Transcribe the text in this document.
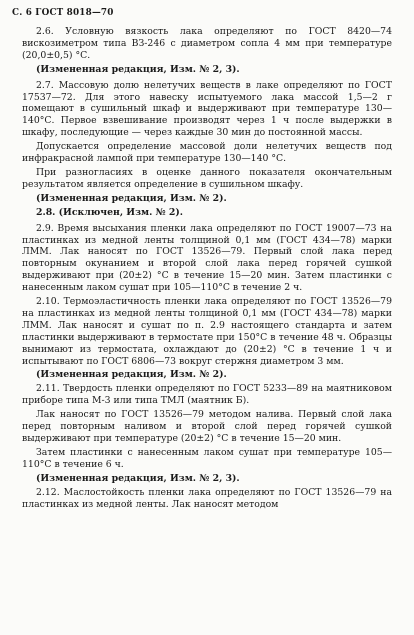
С. 6 ГОСТ 8018—70

2.6. Условную вязкость лака определяют по ГОСТ 8420—74 вискозиметром типа ВЗ-246 с диаметром сопла 4 мм при температуре (20,0±0,5) °С.

(Измененная редакция, Изм. № 2, 3).

2.7. Массовую долю нелетучих веществ в лаке определяют по ГОСТ 17537—72. Для этого навеску испытуемого лака массой 1,5—2 г помещают в сушильный шкаф и выдерживают при температуре 130—140°С. Первое взвешивание производят через 1 ч после выдержки в шкафу, последующие — через каждые 30 мин до постоянной массы.

Допускается определение массовой доли нелетучих веществ под инфракрасной лампой при температуре 130—140 °С.

При разногласиях в оценке данного показателя окончательным результатом является определение в сушильном шкафу.

(Измененная редакция, Изм. № 2).

2.8. (Исключен, Изм. № 2).

2.9. Время высыхания пленки лака определяют по ГОСТ 19007—73 на пластинках из медной ленты толщиной 0,1 мм (ГОСТ 434—78) марки ЛММ. Лак наносят по ГОСТ 13526—79. Первый слой лака перед повторным окунанием и второй слой лака перед горячей сушкой выдерживают при (20±2) °С в течение 15—20 мин. Затем пластинки с нанесенным лаком сушат при 105—110°С в течение 2 ч.

2.10. Термоэластичность пленки лака определяют по ГОСТ 13526—79 на пластинках из медной ленты толщиной 0,1 мм (ГОСТ 434—78) марки ЛММ. Лак наносят и сушат по п. 2.9 настоящего стандарта и затем пластинки выдерживают в термостате при 150°С в течение 48 ч. Образцы вынимают из термостата, охлаждают до (20±2) °С в течение 1 ч и испытывают по ГОСТ 6806—73 вокруг стержня диаметром 3 мм.

(Измененная редакция, Изм. № 2).

2.11. Твердость пленки определяют по ГОСТ 5233—89 на маятниковом приборе типа М-3 или типа ТМЛ (маятник Б).

Лак наносят по ГОСТ 13526—79 методом налива. Первый слой лака перед повторным наливом и второй слой перед горячей сушкой выдерживают при температуре (20±2) °С в течение 15—20 мин.

Затем пластинки с нанесенным лаком сушат при температуре 105—110°С в течение 6 ч.

(Измененная редакция, Изм. № 2, 3).

2.12. Маслостойкость пленки лака определяют по ГОСТ 13526—79 на пластинках из медной ленты. Лак наносят методом
